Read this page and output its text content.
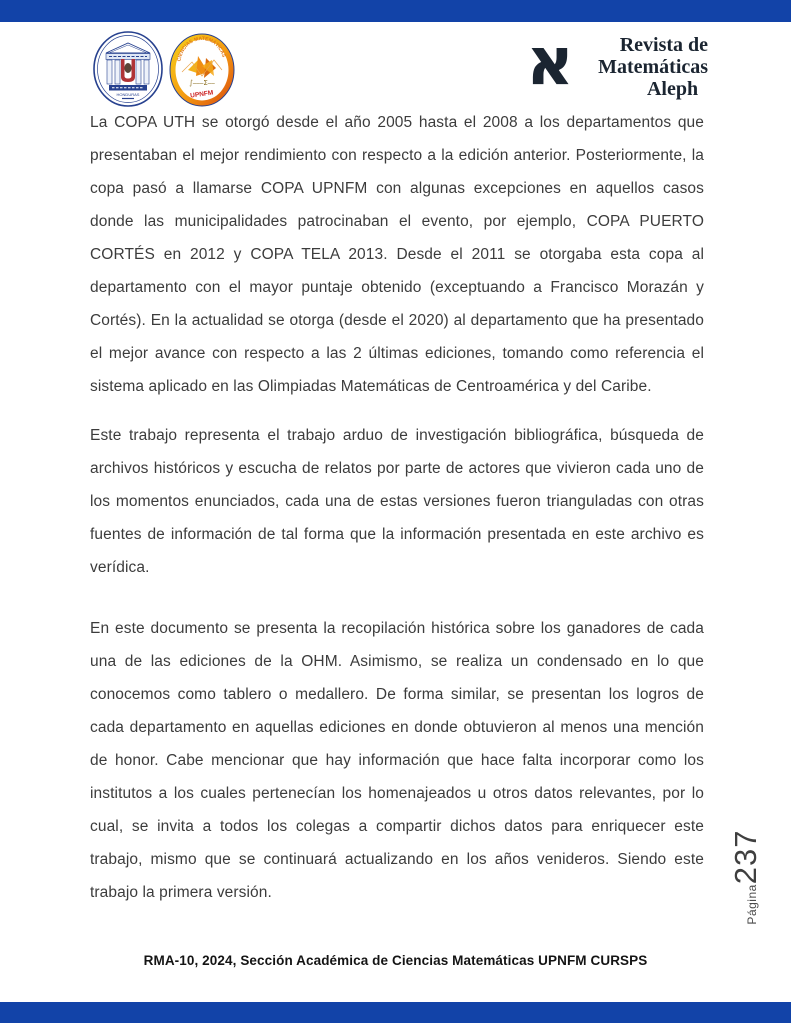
HONDURAS
CIENCIAS MATEMÁTICAS
∫⎯⎯⎯Σ⎯⎯
UPNFM	א	Revista de
Matemáticas
Aleph

La COPA UTH se otorgó desde el año 2005 hasta el 2008 a los departamentos que presentaban el mejor rendimiento con respecto a la edición anterior. Posteriormente, la copa pasó a llamarse COPA UPNFM con algunas excepciones en aquellos casos donde las municipalidades patrocinaban el evento, por ejemplo, COPA PUERTO CORTÉS en 2012 y COPA TELA 2013. Desde el 2011 se otorgaba esta copa al departamento con el mayor puntaje obtenido (exceptuando a Francisco Morazán y Cortés). En la actualidad se otorga (desde el 2020) al departamento que ha presentado el mejor avance con respecto a las 2 últimas ediciones, tomando como referencia el sistema aplicado en las Olimpiadas Matemáticas de Centroamérica y del Caribe.

Este trabajo representa el trabajo arduo de investigación bibliográfica, búsqueda de archivos históricos y escucha de relatos por parte de actores que vivieron cada uno de los momentos enunciados, cada una de estas versiones fueron trianguladas con otras fuentes de información de tal forma que la información presentada en este archivo es verídica.

En este documento se presenta la recopilación histórica sobre los ganadores de cada una de las ediciones de la OHM. Asimismo, se realiza un condensado en lo que conocemos como tablero o medallero. De forma similar, se presentan los logros de cada departamento en aquellas ediciones en donde obtuvieron al menos una mención de honor. Cabe mencionar que hay información que hace falta incorporar como los institutos a los cuales pertenecían los homenajeados u otros datos relevantes, por lo cual, se invita a todos los colegas a compartir dichos datos para enriquecer este trabajo, mismo que se continuará actualizando en los años venideros. Siendo este trabajo la primera versión.	Página
237
RMA-10, 2024, Sección Académica de Ciencias Matemáticas UPNFM CURSPS
